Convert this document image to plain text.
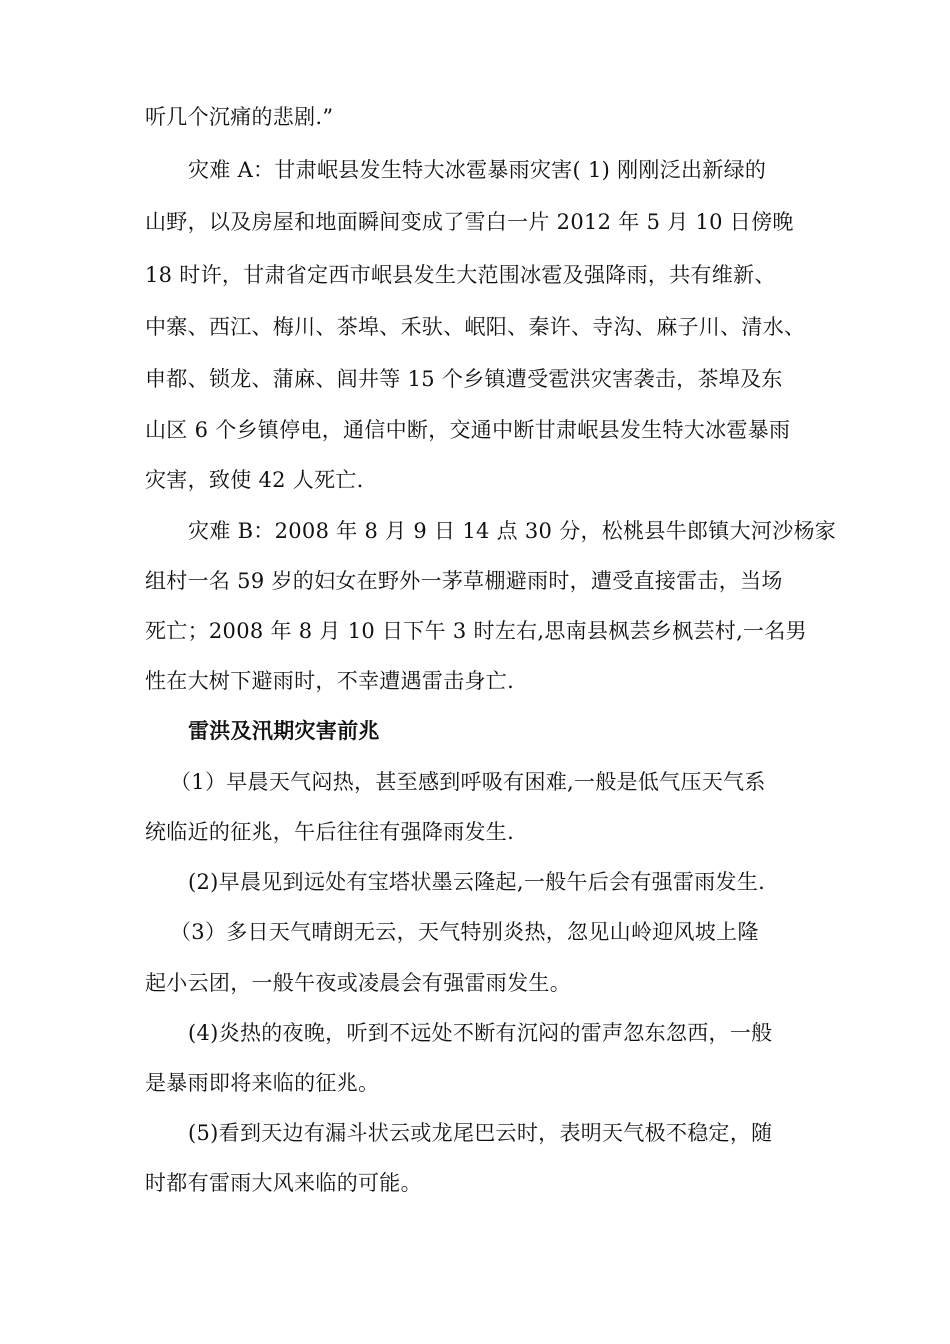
听几个沉痛的悲剧.”
灾难 A：甘肃岷县发生特大冰雹暴雨灾害( 1) 刚刚泛出新绿的
山野，以及房屋和地面瞬间变成了雪白一片 2012 年 5 月 10 日傍晚
18 时许，甘肃省定西市岷县发生大范围冰雹及强降雨，共有维新、
中寨、西江、梅川、茶埠、禾驮、岷阳、秦许、寺沟、麻子川、清水、
申都、锁龙、蒲麻、闾井等 15 个乡镇遭受雹洪灾害袭击，茶埠及东
山区 6 个乡镇停电，通信中断，交通中断甘肃岷县发生特大冰雹暴雨
灾害，致使 42 人死亡.
灾难 B：2008 年 8 月 9 日 14 点 30 分，松桃县牛郎镇大河沙杨家
组村一名 59 岁的妇女在野外一茅草棚避雨时，遭受直接雷击，当场
死亡；2008 年 8 月 10 日下午 3 时左右,思南县枫芸乡枫芸村,一名男
性在大树下避雨时，不幸遭遇雷击身亡.
雷洪及汛期灾害前兆
（1）早晨天气闷热，甚至感到呼吸有困难,一般是低气压天气系
统临近的征兆，午后往往有强降雨发生.
(2)早晨见到远处有宝塔状墨云隆起,一般午后会有强雷雨发生.
（3）多日天气晴朗无云，天气特别炎热，忽见山岭迎风坡上隆
起小云团，一般午夜或凌晨会有强雷雨发生。
(4)炎热的夜晚，听到不远处不断有沉闷的雷声忽东忽西，一般
是暴雨即将来临的征兆。
(5)看到天边有漏斗状云或龙尾巴云时，表明天气极不稳定，随
时都有雷雨大风来临的可能。
